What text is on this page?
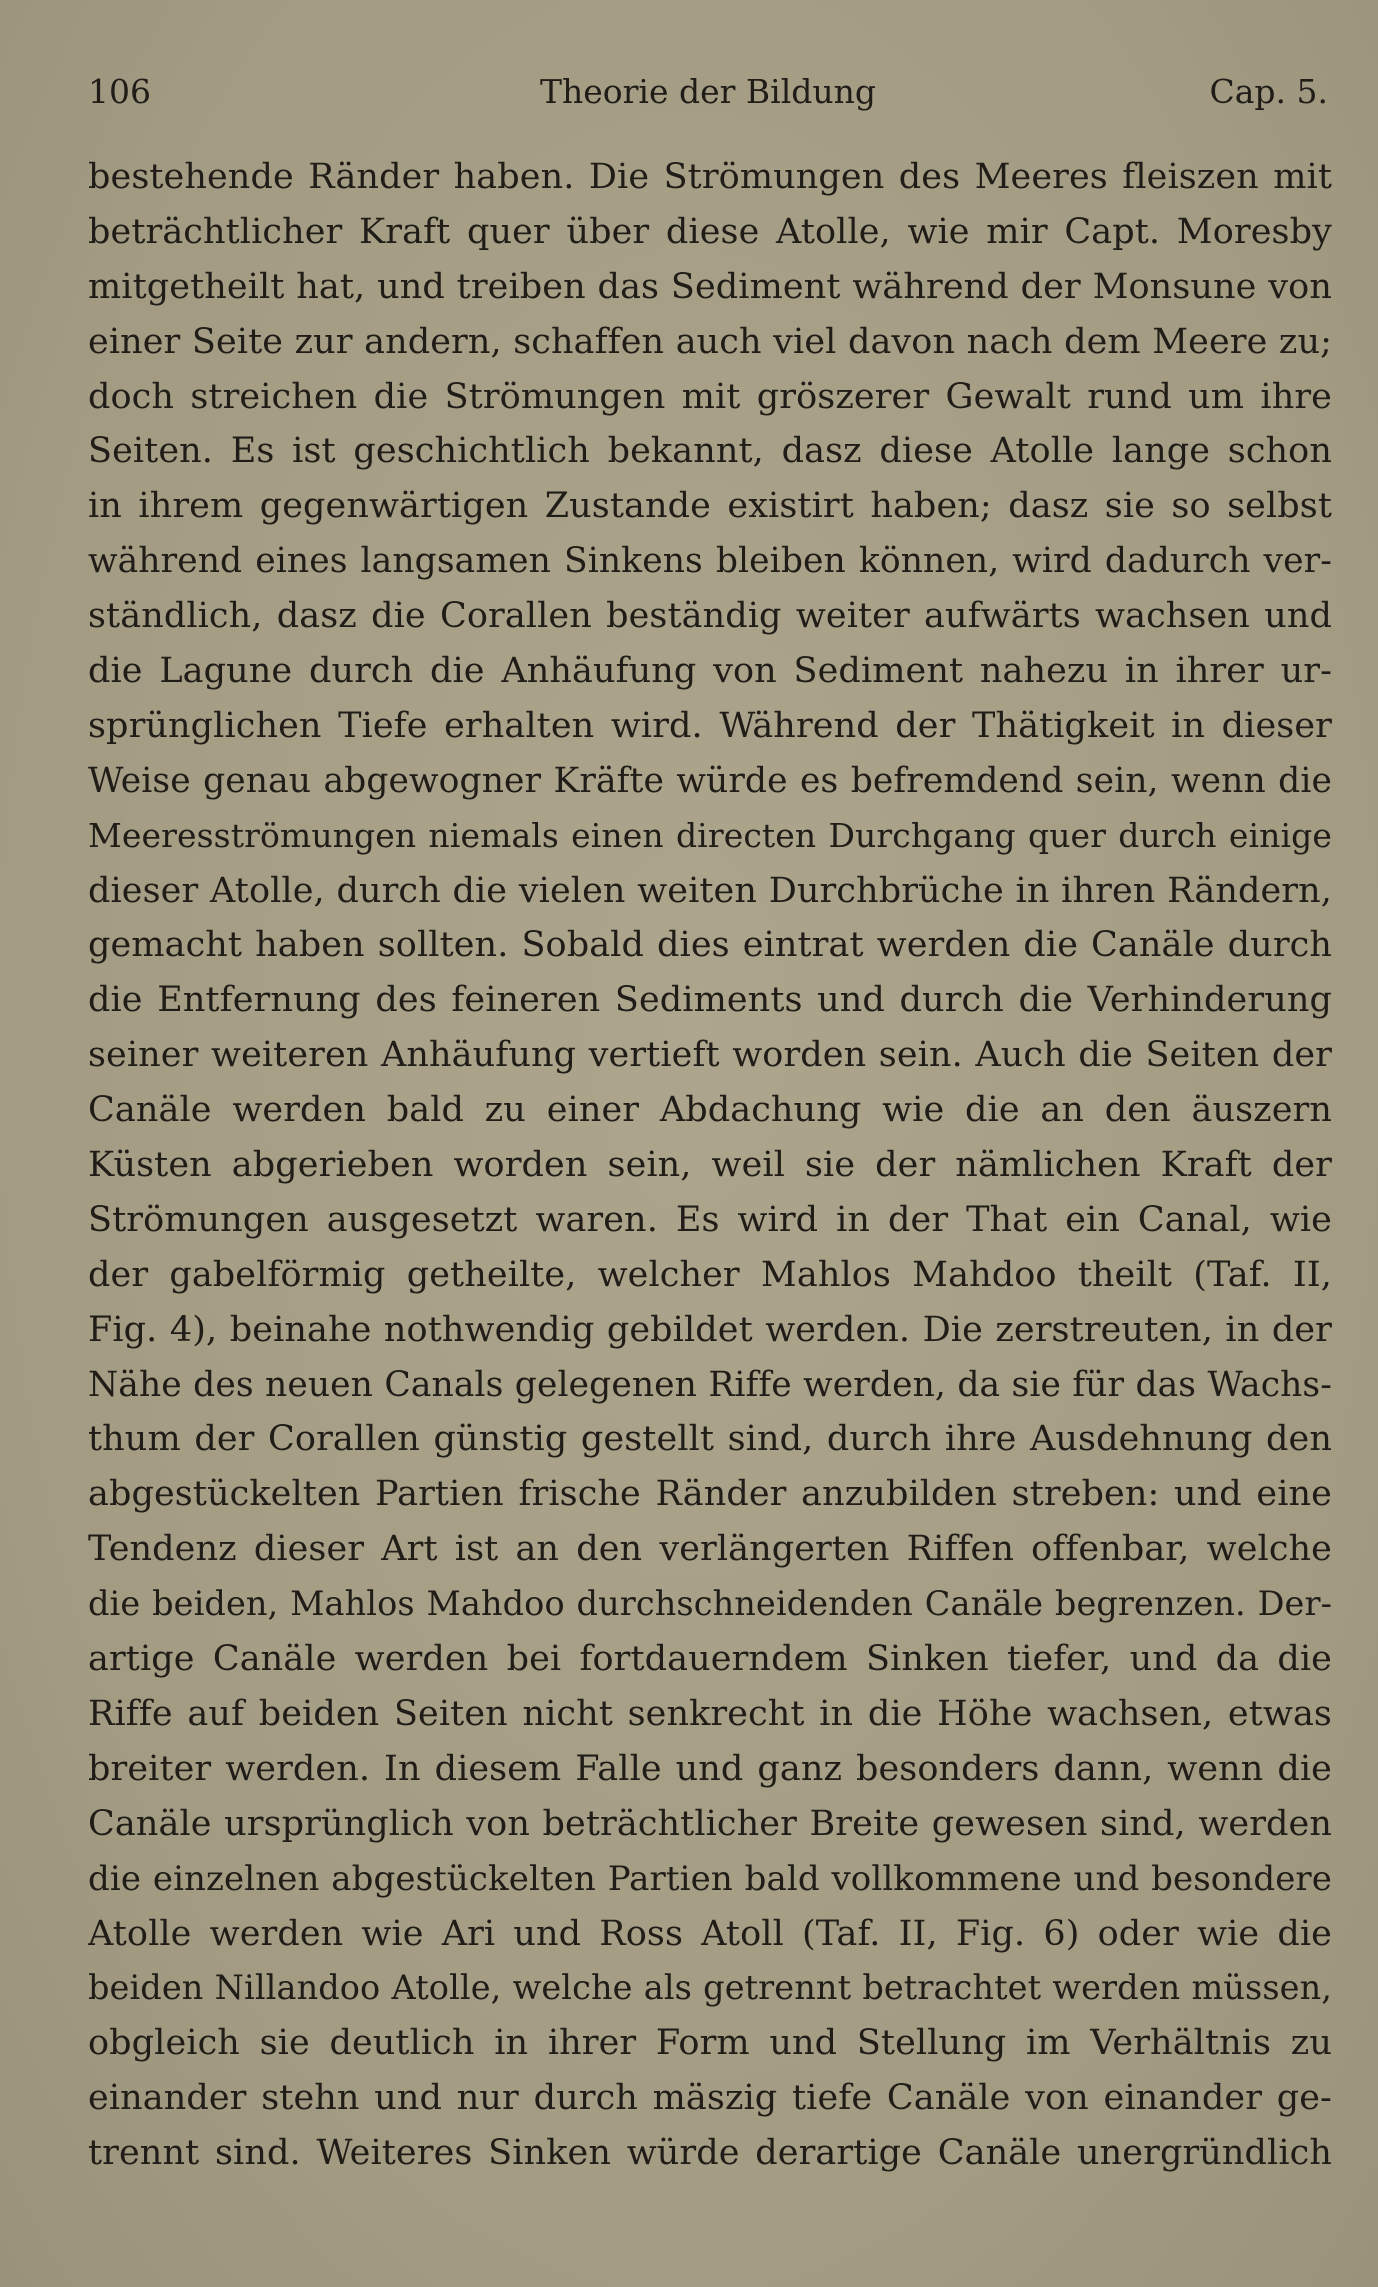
106	Theorie der Bildung	Cap. 5.
bestehende Ränder haben. Die Strömungen des Meeres fleiszen mit
beträchtlicher Kraft quer über diese Atolle, wie mir Capt. Moresby
mitgetheilt hat, und treiben das Sediment während der Monsune von
einer Seite zur andern, schaffen auch viel davon nach dem Meere zu;
doch streichen die Strömungen mit gröszerer Gewalt rund um ihre
Seiten. Es ist geschichtlich bekannt, dasz diese Atolle lange schon
in ihrem gegenwärtigen Zustande existirt haben; dasz sie so selbst
während eines langsamen Sinkens bleiben können, wird dadurch ver-
ständlich, dasz die Corallen beständig weiter aufwärts wachsen und
die Lagune durch die Anhäufung von Sediment nahezu in ihrer ur-
sprünglichen Tiefe erhalten wird. Während der Thätigkeit in dieser
Weise genau abgewogner Kräfte würde es befremdend sein, wenn die
Meeresströmungen niemals einen directen Durchgang quer durch einige
dieser Atolle, durch die vielen weiten Durchbrüche in ihren Rändern,
gemacht haben sollten. Sobald dies eintrat werden die Canäle durch
die Entfernung des feineren Sediments und durch die Verhinderung
seiner weiteren Anhäufung vertieft worden sein. Auch die Seiten der
Canäle werden bald zu einer Abdachung wie die an den äuszern
Küsten abgerieben worden sein, weil sie der nämlichen Kraft der
Strömungen ausgesetzt waren. Es wird in der That ein Canal, wie
der gabelförmig getheilte, welcher Mahlos Mahdoo theilt (Taf. II,
Fig. 4), beinahe nothwendig gebildet werden. Die zerstreuten, in der
Nähe des neuen Canals gelegenen Riffe werden, da sie für das Wachs-
thum der Corallen günstig gestellt sind, durch ihre Ausdehnung den
abgestückelten Partien frische Ränder anzubilden streben: und eine
Tendenz dieser Art ist an den verlängerten Riffen offenbar, welche
die beiden, Mahlos Mahdoo durchschneidenden Canäle begrenzen. Der-
artige Canäle werden bei fortdauerndem Sinken tiefer, und da die
Riffe auf beiden Seiten nicht senkrecht in die Höhe wachsen, etwas
breiter werden. In diesem Falle und ganz besonders dann, wenn die
Canäle ursprünglich von beträchtlicher Breite gewesen sind, werden
die einzelnen abgestückelten Partien bald vollkommene und besondere
Atolle werden wie Ari und Ross Atoll (Taf. II, Fig. 6) oder wie die
beiden Nillandoo Atolle, welche als getrennt betrachtet werden müssen,
obgleich sie deutlich in ihrer Form und Stellung im Verhältnis zu
einander stehn und nur durch mäszig tiefe Canäle von einander ge-
trennt sind. Weiteres Sinken würde derartige Canäle unergründlich
